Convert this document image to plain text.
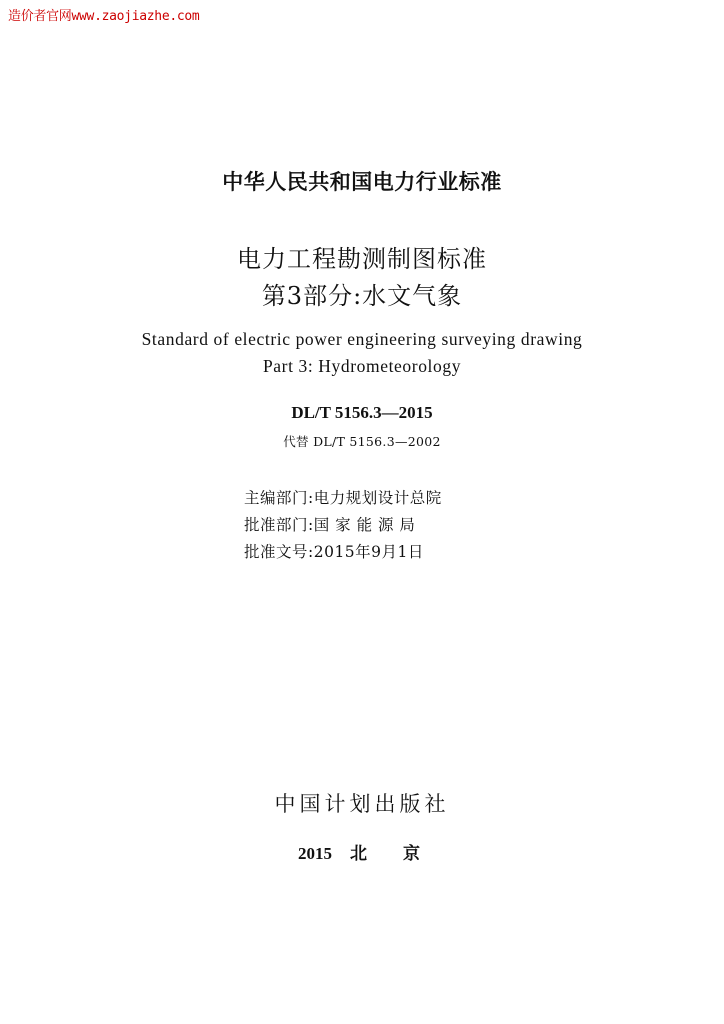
造价者官网www.zaojiazhe.com
中华人民共和国电力行业标准
电力工程勘测制图标准
第3部分:水文气象
Standard of electric power engineering surveying drawing
Part 3: Hydrometeorology
DL/T 5156.3—2015
代替 DL/T 5156.3—2002
主编部门:电力规划设计总院
批准部门:国 家 能 源 局
批准文号:2015年9月1日
中国计划出版社
2015 北 京
